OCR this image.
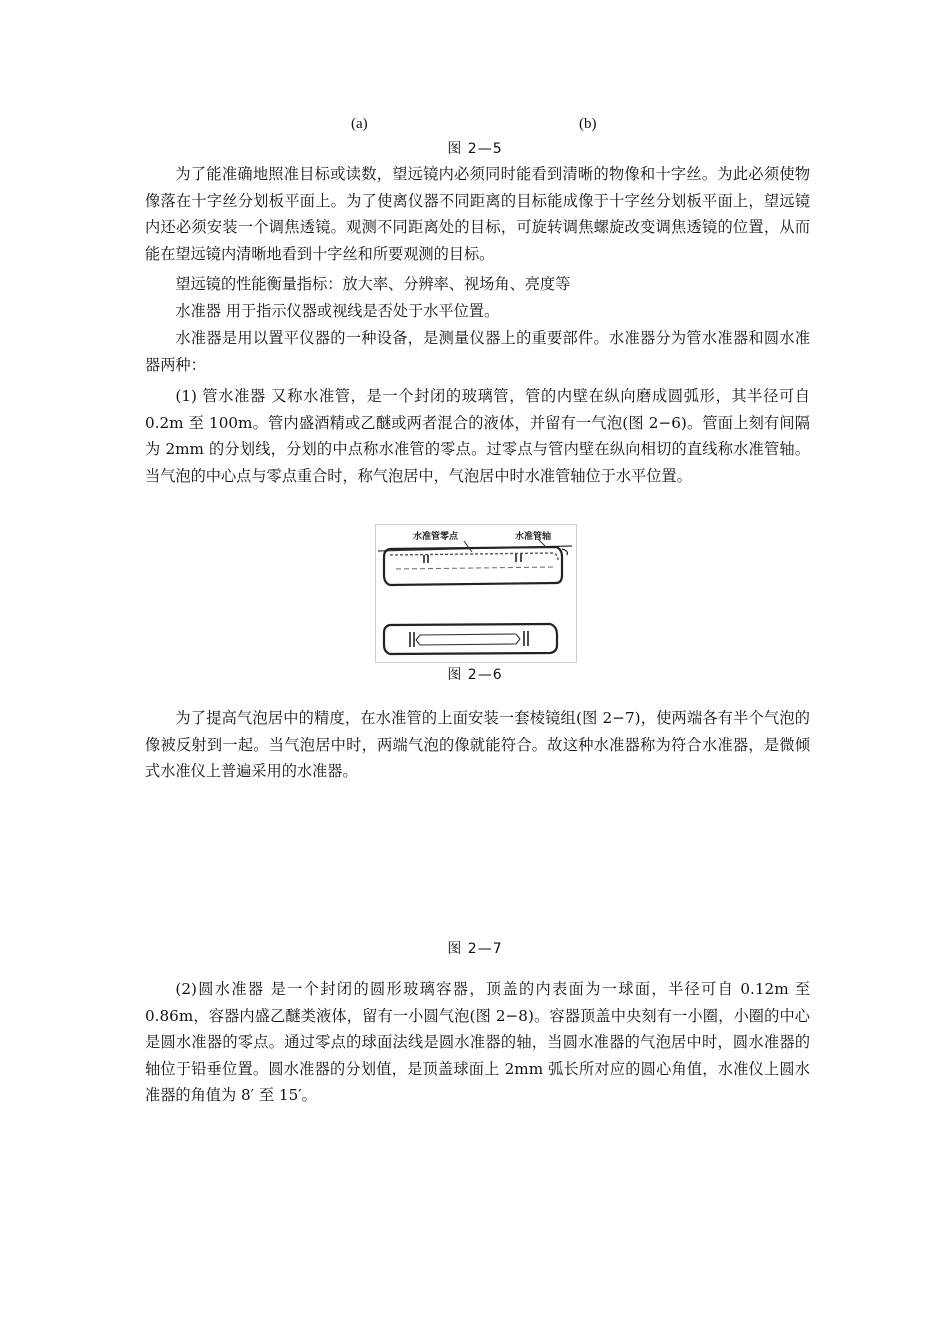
(a)	(b)
图 2—5
为了能准确地照准目标或读数，望远镜内必须同时能看到清晰的物像和十字丝。为此必须使物像落在十字丝分划板平面上。为了使离仪器不同距离的目标能成像于十字丝分划板平面上，望远镜内还必须安装一个调焦透镜。观测不同距离处的目标，可旋转调焦螺旋改变调焦透镜的位置，从而能在望远镜内清晰地看到十字丝和所要观测的目标。
望远镜的性能衡量指标：放大率、分辨率、视场角、亮度等
水准器 用于指示仪器或视线是否处于水平位置。
水准器是用以置平仪器的一种设备，是测量仪器上的重要部件。水准器分为管水准器和圆水准器两种：
(1) 管水准器 又称水准管，是一个封闭的玻璃管，管的内壁在纵向磨成圆弧形，其半径可自 0.2m 至 100m。管内盛酒精或乙醚或两者混合的液体，并留有一气泡(图 2−6)。管面上刻有间隔为 2mm 的分划线，分划的中点称水准管的零点。过零点与管内壁在纵向相切的直线称水准管轴。当气泡的中心点与零点重合时，称气泡居中，气泡居中时水准管轴位于水平位置。
水准管零点	水准管轴
图 2—6
为了提高气泡居中的精度，在水准管的上面安装一套棱镜组(图 2−7)，使两端各有半个气泡的像被反射到一起。当气泡居中时，两端气泡的像就能符合。故这种水准器称为符合水准器，是微倾式水准仪上普遍采用的水准器。
图 2—7
(2)圆水准器 是一个封闭的圆形玻璃容器，顶盖的内表面为一球面，半径可自 0.12m 至 0.86m，容器内盛乙醚类液体，留有一小圆气泡(图 2−8)。容器顶盖中央刻有一小圈，小圈的中心是圆水准器的零点。通过零点的球面法线是圆水准器的轴，当圆水准器的气泡居中时，圆水准器的轴位于铅垂位置。圆水准器的分划值，是顶盖球面上 2mm 弧长所对应的圆心角值，水准仪上圆水准器的角值为 8′ 至 15′。
